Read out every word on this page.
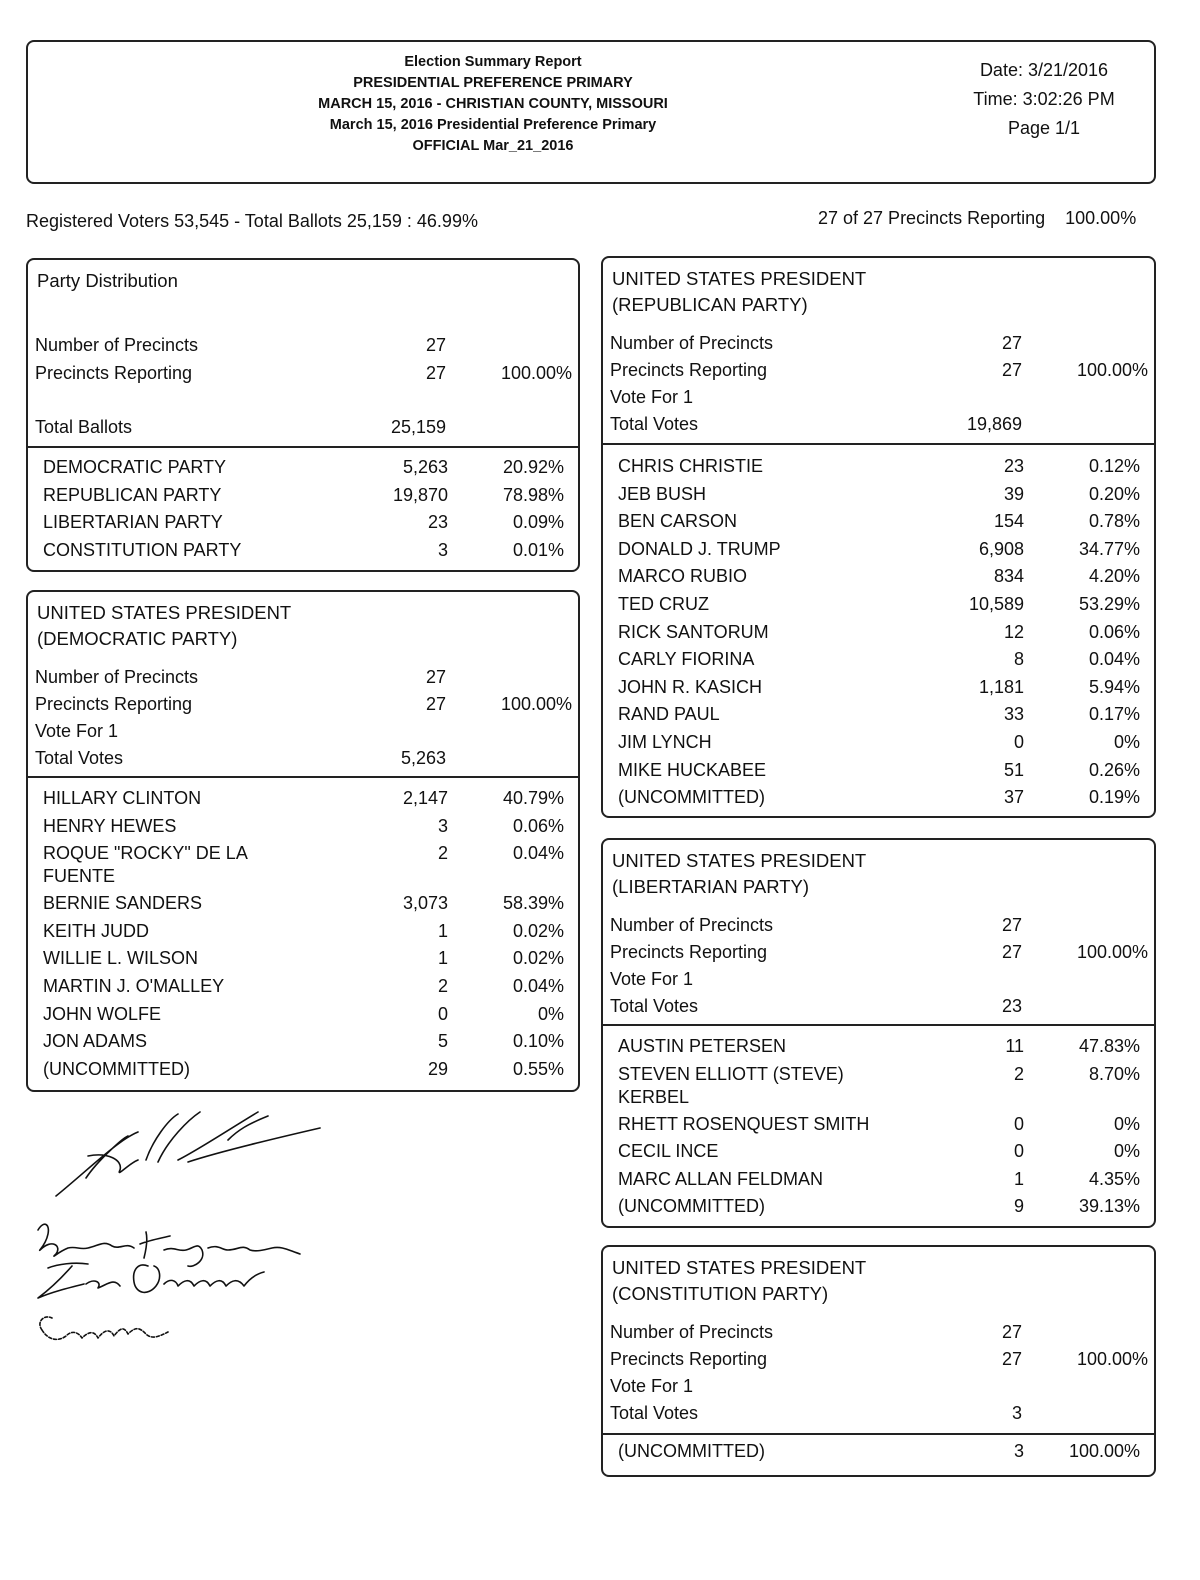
Election Summary Report
PRESIDENTIAL PREFERENCE PRIMARY
MARCH 15, 2016 - CHRISTIAN COUNTY, MISSOURI
March 15, 2016 Presidential Preference Primary
OFFICIAL Mar_21_2016
Date: 3/21/2016
Time: 3:02:26 PM
Page 1/1
Registered Voters 53,545 - Total Ballots 25,159 : 46.99%	27 of 27 Precincts Reporting 100.00%
Party Distribution
Number of Precincts	27
Precincts Reporting	27	100.00%
Total Ballots	25,159
DEMOCRATIC PARTY	5,263	20.92%
REPUBLICAN PARTY	19,870	78.98%
LIBERTARIAN PARTY	23	0.09%
CONSTITUTION PARTY	3	0.01%
UNITED STATES PRESIDENT
(DEMOCRATIC PARTY)
Number of Precincts	27
Precincts Reporting	27	100.00%
Vote For 1
Total Votes	5,263
HILLARY CLINTON	2,147	40.79%
HENRY HEWES	3	0.06%
ROQUE "ROCKY" DE LA	2	0.04%
FUENTE
BERNIE SANDERS	3,073	58.39%
KEITH JUDD	1	0.02%
WILLIE L. WILSON	1	0.02%
MARTIN J. O'MALLEY	2	0.04%
JOHN WOLFE	0	0%
JON ADAMS	5	0.10%
(UNCOMMITTED)	29	0.55%
UNITED STATES PRESIDENT
(REPUBLICAN PARTY)
Number of Precincts	27
Precincts Reporting	27	100.00%
Vote For 1
Total Votes	19,869
CHRIS CHRISTIE	23	0.12%
JEB BUSH	39	0.20%
BEN CARSON	154	0.78%
DONALD J. TRUMP	6,908	34.77%
MARCO RUBIO	834	4.20%
TED CRUZ	10,589	53.29%
RICK SANTORUM	12	0.06%
CARLY FIORINA	8	0.04%
JOHN R. KASICH	1,181	5.94%
RAND PAUL	33	0.17%
JIM LYNCH	0	0%
MIKE HUCKABEE	51	0.26%
(UNCOMMITTED)	37	0.19%
UNITED STATES PRESIDENT
(LIBERTARIAN PARTY)
Number of Precincts	27
Precincts Reporting	27	100.00%
Vote For 1
Total Votes	23
AUSTIN PETERSEN	11	47.83%
STEVEN ELLIOTT (STEVE)	2	8.70%
KERBEL
RHETT ROSENQUEST SMITH	0	0%
CECIL INCE	0	0%
MARC ALLAN FELDMAN	1	4.35%
(UNCOMMITTED)	9	39.13%
UNITED STATES PRESIDENT
(CONSTITUTION PARTY)
Number of Precincts	27
Precincts Reporting	27	100.00%
Vote For 1
Total Votes	3
(UNCOMMITTED)	3 100.00%
